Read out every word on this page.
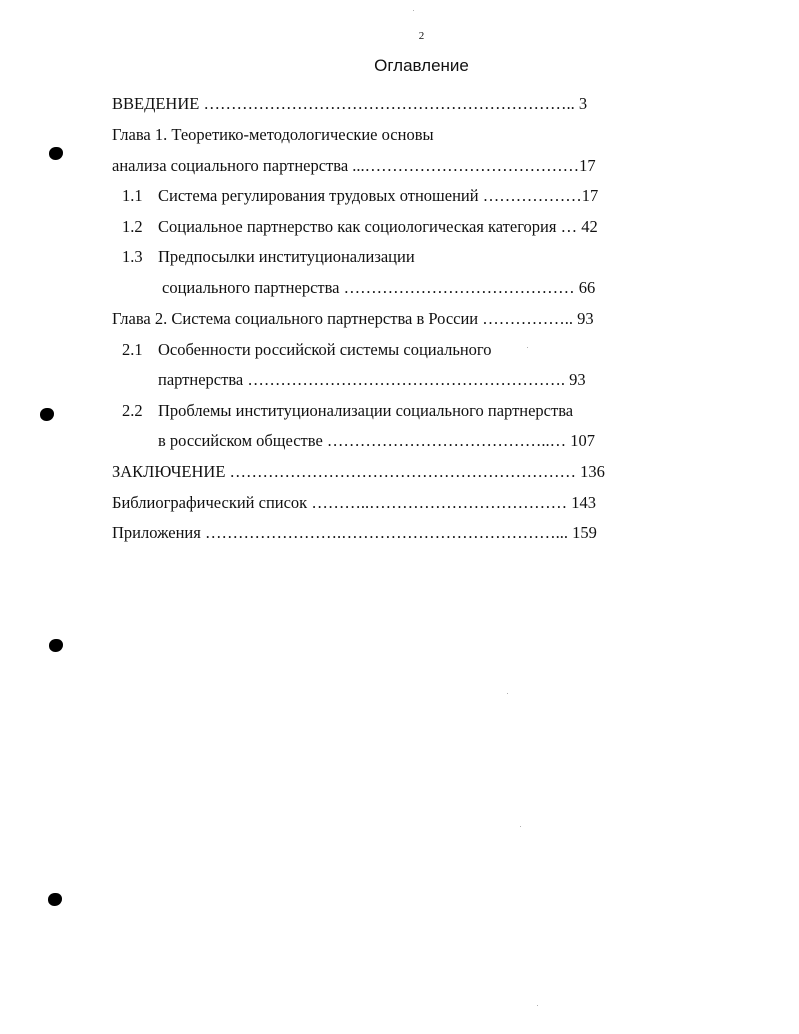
2
Оглавление
ВВЕДЕНИЕ ………………………………………………………….. 3
Глава 1. Теоретико-методологические основы
анализа социального партнерства ...…………………………………17
1.1 Система регулирования трудовых отношений ………………17
1.2 Социальное партнерство как социологическая категория … 42
1.3 Предпосылки институционализации
социального партнерства …………………………………… 66
Глава 2. Система социального партнерства в России …………….. 93
2.1 Особенности российской системы социального
партнерства …………………………………………………. 93
2.2 Проблемы институционализации социального партнерства
в российском обществе …………………………………..… 107
ЗАКЛЮЧЕНИЕ ……………………………………………………… 136
Библиографический список ………..……………………………… 143
Приложения …………………….…………………………………... 159
